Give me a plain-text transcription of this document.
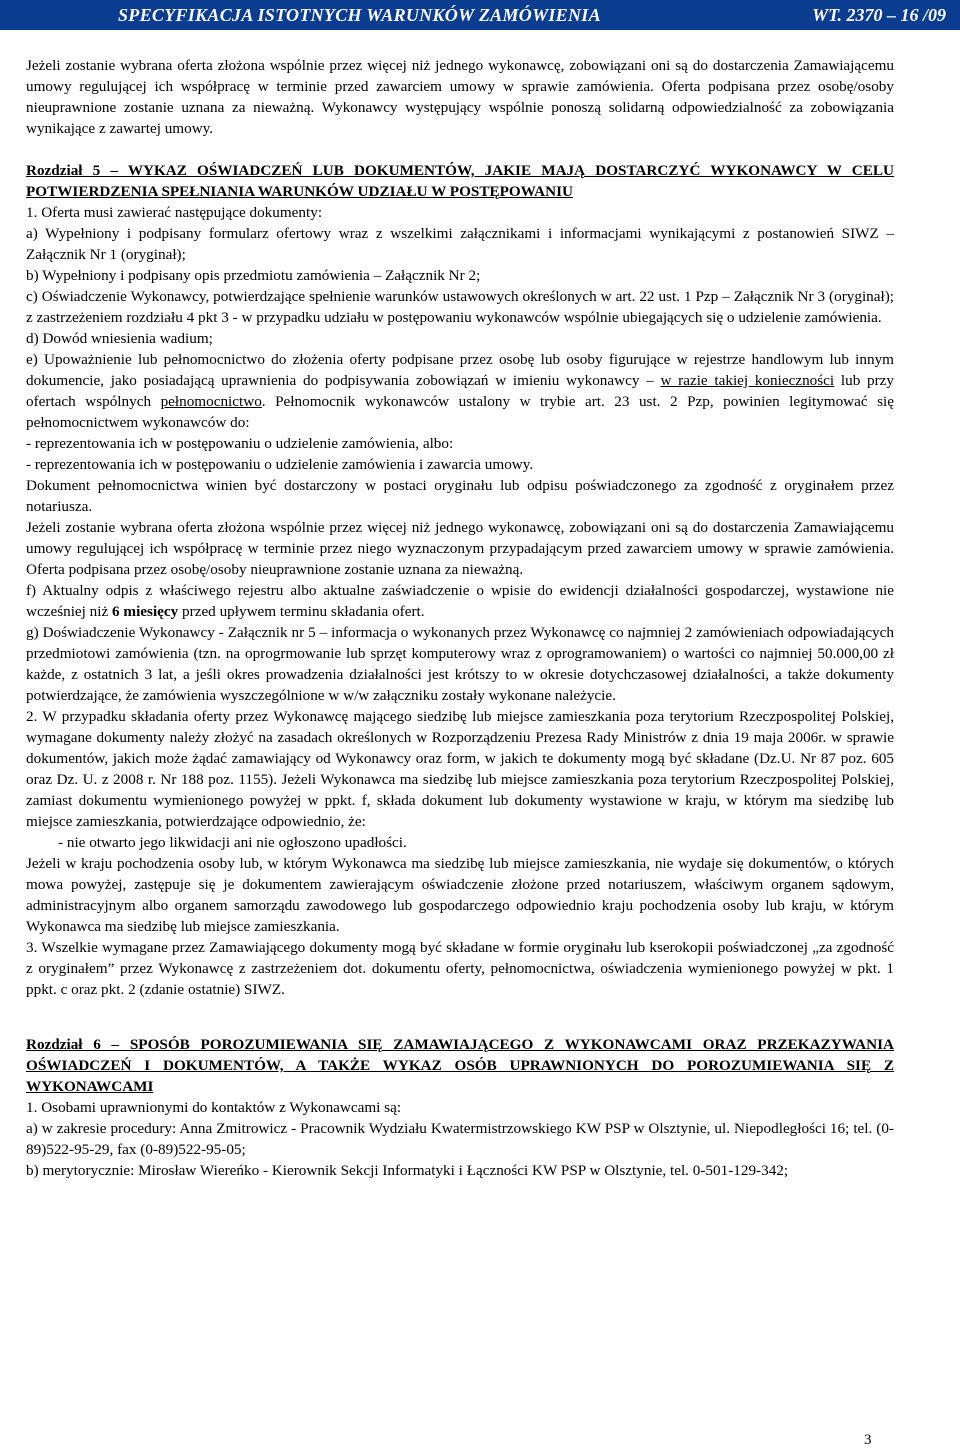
SPECYFIKACJA ISTOTNYCH WARUNKÓW ZAMÓWIENIA	WT. 2370 – 16 /09

Jeżeli zostanie wybrana oferta złożona wspólnie przez więcej niż jednego wykonawcę, zobowiązani oni są do dostarczenia Zamawiającemu umowy regulującej ich współpracę w terminie przed zawarciem umowy w sprawie zamówienia. Oferta podpisana przez osobę/osoby nieuprawnione zostanie uznana za nieważną. Wykonawcy występujący wspólnie ponoszą solidarną odpowiedzialność za zobowiązania wynikające z zawartej umowy.

Rozdział 5 – WYKAZ OŚWIADCZEŃ LUB DOKUMENTÓW, JAKIE MAJĄ DOSTARCZYĆ WYKONAWCY W CELU POTWIERDZENIA SPEŁNIANIA WARUNKÓW UDZIAŁU W POSTĘPOWANIU

1. Oferta musi zawierać następujące dokumenty:

a) Wypełniony i podpisany formularz ofertowy wraz z wszelkimi załącznikami i informacjami wynikającymi z postanowień SIWZ – Załącznik Nr 1 (oryginał);

b) Wypełniony i podpisany opis przedmiotu zamówienia – Załącznik Nr 2;

c) Oświadczenie Wykonawcy, potwierdzające spełnienie warunków ustawowych określonych w art. 22 ust. 1 Pzp – Załącznik Nr 3 (oryginał); z zastrzeżeniem rozdziału 4 pkt 3 - w przypadku udziału w postępowaniu wykonawców wspólnie ubiegających się o udzielenie zamówienia.

d) Dowód wniesienia wadium;

e) Upoważnienie lub pełnomocnictwo do złożenia oferty podpisane przez osobę lub osoby figurujące w rejestrze handlowym lub innym dokumencie, jako posiadającą uprawnienia do podpisywania zobowiązań w imieniu wykonawcy – w razie takiej konieczności lub przy ofertach wspólnych pełnomocnictwo. Pełnomocnik wykonawców ustalony w trybie art. 23 ust. 2 Pzp, powinien legitymować się pełnomocnictwem wykonawców do:

- reprezentowania ich w postępowaniu o udzielenie zamówienia, albo:

- reprezentowania ich w postępowaniu o udzielenie zamówienia i zawarcia umowy.

Dokument pełnomocnictwa winien być dostarczony w postaci oryginału lub odpisu poświadczonego za zgodność z oryginałem przez notariusza.

Jeżeli zostanie wybrana oferta złożona wspólnie przez więcej niż jednego wykonawcę, zobowiązani oni są do dostarczenia Zamawiającemu umowy regulującej ich współpracę w terminie przez niego wyznaczonym przypadającym przed zawarciem umowy w sprawie zamówienia. Oferta podpisana przez osobę/osoby nieuprawnione zostanie uznana za nieważną.

f) Aktualny odpis z właściwego rejestru albo aktualne zaświadczenie o wpisie do ewidencji działalności gospodarczej, wystawione nie wcześniej niż 6 miesięcy przed upływem terminu składania ofert.

g) Doświadczenie Wykonawcy - Załącznik nr 5 – informacja o wykonanych przez Wykonawcę co najmniej 2 zamówieniach odpowiadających przedmiotowi zamówienia (tzn. na oprogrmowanie lub sprzęt komputerowy wraz z oprogramowaniem) o wartości co najmniej 50.000,00 zł każde, z ostatnich 3 lat, a jeśli okres prowadzenia działalności jest krótszy to w okresie dotychczasowej działalności, a także dokumenty potwierdzające, że zamówienia wyszczególnione w w/w załączniku zostały wykonane należycie.

2. W przypadku składania oferty przez Wykonawcę mającego siedzibę lub miejsce zamieszkania poza terytorium Rzeczpospolitej Polskiej, wymagane dokumenty należy złożyć na zasadach określonych w Rozporządzeniu Prezesa Rady Ministrów z dnia 19 maja 2006r. w sprawie dokumentów, jakich może żądać zamawiający od Wykonawcy oraz form, w jakich te dokumenty mogą być składane (Dz.U. Nr 87 poz. 605 oraz Dz. U. z 2008 r. Nr 188 poz. 1155). Jeżeli Wykonawca ma siedzibę lub miejsce zamieszkania poza terytorium Rzeczpospolitej Polskiej, zamiast dokumentu wymienionego powyżej w ppkt. f, składa dokument lub dokumenty wystawione w kraju, w którym ma siedzibę lub miejsce zamieszkania, potwierdzające odpowiednio, że:

- nie otwarto jego likwidacji ani nie ogłoszono upadłości.

Jeżeli w kraju pochodzenia osoby lub, w którym Wykonawca ma siedzibę lub miejsce zamieszkania, nie wydaje się dokumentów, o których mowa powyżej, zastępuje się je dokumentem zawierającym oświadczenie złożone przed notariuszem, właściwym organem sądowym, administracyjnym albo organem samorządu zawodowego lub gospodarczego odpowiednio kraju pochodzenia osoby lub kraju, w którym Wykonawca ma siedzibę lub miejsce zamieszkania.

3. Wszelkie wymagane przez Zamawiającego dokumenty mogą być składane w formie oryginału lub kserokopii poświadczonej „za zgodność z oryginałem” przez Wykonawcę z zastrzeżeniem dot. dokumentu oferty, pełnomocnictwa, oświadczenia wymienionego powyżej w pkt. 1 ppkt. c oraz pkt. 2 (zdanie ostatnie) SIWZ.

Rozdział 6 – SPOSÓB POROZUMIEWANIA SIĘ ZAMAWIAJĄCEGO Z WYKONAWCAMI ORAZ PRZEKAZYWANIA OŚWIADCZEŃ I DOKUMENTÓW, A TAKŻE WYKAZ OSÓB UPRAWNIONYCH DO POROZUMIEWANIA SIĘ Z WYKONAWCAMI

1. Osobami uprawnionymi do kontaktów z Wykonawcami są:

a) w zakresie procedury: Anna Zmitrowicz - Pracownik Wydziału Kwatermistrzowskiego KW PSP w Olsztynie, ul. Niepodległości 16; tel. (0-89)522-95-29, fax (0-89)522-95-05;

b) merytorycznie: Mirosław Wiereńko - Kierownik Sekcji Informatyki i Łączności KW PSP w Olsztynie, tel. 0-501-129-342;

3
